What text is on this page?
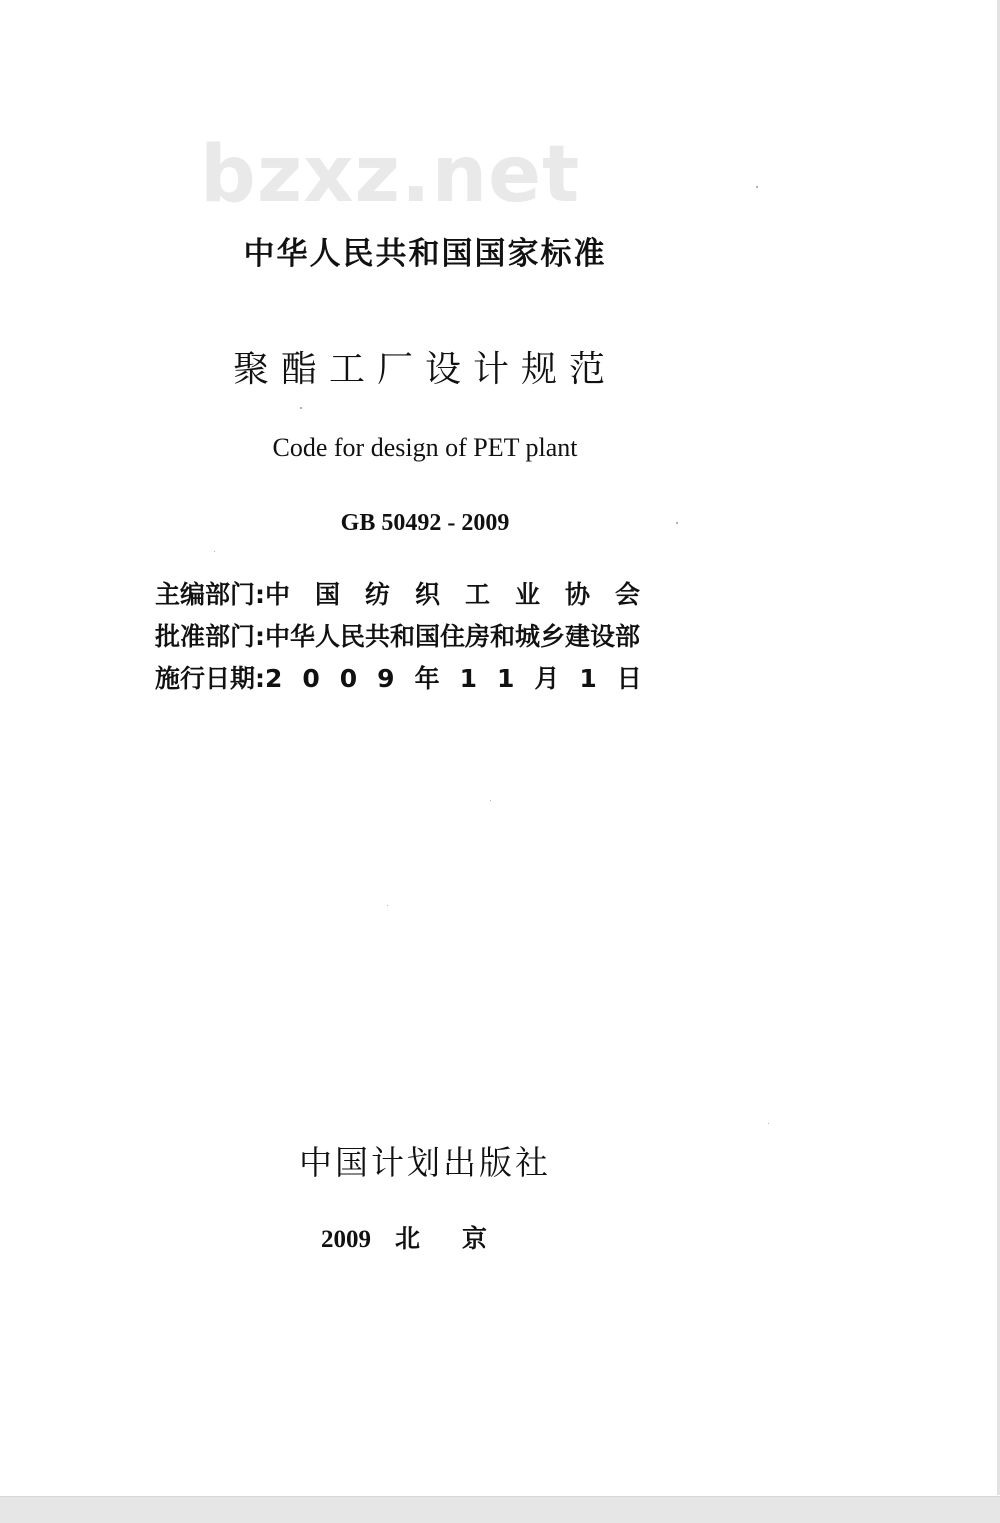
bzxz.net
中华人民共和国国家标准
聚酯工厂设计规范
Code for design of PET plant
GB 50492 - 2009
主编部门:中国纺织工业协会
批准部门:中华人民共和国住房和城乡建设部
施行日期:2009年11月1日
中国计划出版社
2009 北京
